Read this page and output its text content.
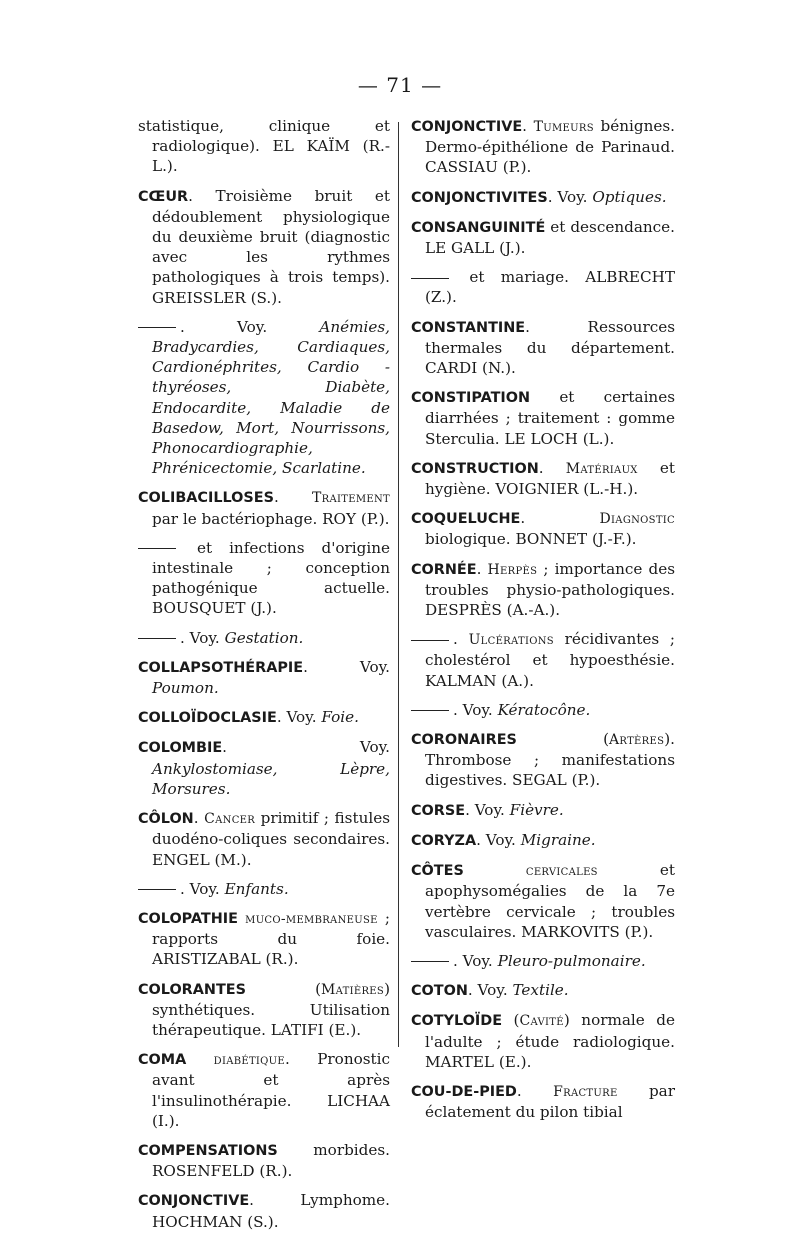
— 71 —

statistique, clinique et radiologique). EL KAÏM (R.-L.).

CŒUR. Troisième bruit et dédoublement physiologique du deuxième bruit (diagnostic avec les rythmes pathologiques à trois temps). GREISSLER (S.).

. Voy. Anémies, Bradycardies, Cardiaques, Cardionéphrites, Cardio - thyréoses, Diabète, Endocardite, Maladie de Basedow, Mort, Nourrissons, Phonocardiographie, Phrénicectomie, Scarlatine.

COLIBACILLOSES. Traitement par le bactériophage. ROY (P.).

et infections d'origine intestinale ; conception pathogénique actuelle. BOUSQUET (J.).

. Voy. Gestation.

COLLAPSOTHÉRAPIE. Voy. Poumon.

COLLOÏDOCLASIE. Voy. Foie.

COLOMBIE. Voy. Ankylostomiase, Lèpre, Morsures.

CÔLON. Cancer primitif ; fistules duodéno-coliques secondaires. ENGEL (M.).

. Voy. Enfants.

COLOPATHIE muco-membraneuse ; rapports du foie. ARISTIZABAL (R.).

COLORANTES (Matières) synthétiques. Utilisation thérapeutique. LATIFI (E.).

COMA diabétique. Pronostic avant et après l'insulinothérapie. LICHAA (I.).

COMPENSATIONS morbides. ROSENFELD (R.).

CONJONCTIVE. Lymphome. HOCHMAN (S.).

CONJONCTIVE. Tumeurs bénignes. Dermo-épithélione de Parinaud. CASSIAU (P.).

CONJONCTIVITES. Voy. Optiques.

CONSANGUINITÉ et descendance. LE GALL (J.).

et mariage. ALBRECHT (Z.).

CONSTANTINE. Ressources thermales du département. CARDI (N.).

CONSTIPATION et certaines diarrhées ; traitement : gomme Sterculia. LE LOCH (L.).

CONSTRUCTION. Matériaux et hygiène. VOIGNIER (L.-H.).

COQUELUCHE. Diagnostic biologique. BONNET (J.-F.).

CORNÉE. Herpès ; importance des troubles physio-pathologiques. DESPRÈS (A.-A.).

. Ulcérations récidivantes ; cholestérol et hypoesthésie. KALMAN (A.).

. Voy. Kératocône.

CORONAIRES (Artères). Thrombose ; manifestations digestives. SEGAL (P.).

CORSE. Voy. Fièvre.

CORYZA. Voy. Migraine.

CÔTES	cervicales et apophysomégalies de la 7e vertèbre cervicale ; troubles vasculaires. MARKOVITS (P.).

. Voy. Pleuro-pulmonaire.

COTON. Voy. Textile.

COTYLOÏDE (Cavité) normale de l'adulte ; étude radiologique. MARTEL (E.).

COU-DE-PIED. Fracture par éclatement du pilon tibial
